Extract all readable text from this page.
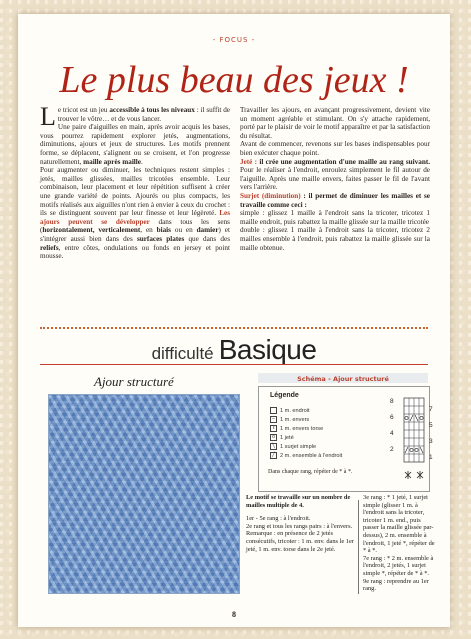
- FOCUS -
Le plus beau des jeux !

Le tricot est un jeu accessible à tous les niveaux : il suffit de trouver le vôtre… et de vous lancer.

Une paire d'aiguilles en main, après avoir acquis les bases, vous pourrez rapidement explorer jetés, augmentations, diminutions, ajours et jeux de structures. Les motifs prennent forme, se déplacent, s'alignent ou se croisent, et l'on progresse naturellement, maille après maille.

Pour augmenter ou diminuer, les techniques restent simples : jetés, mailles glissées, mailles tricotées ensemble. Leur combinaison, leur placement et leur répétition suffisent à créer une grande variété de points. Ajourés ou plus compacts, les motifs réalisés aux aiguilles n'ont rien à envier à ceux du crochet : ils se distinguent souvent par leur finesse et leur légèreté. Les ajours peuvent se développer dans tous les sens (horizontalement, verticalement, en biais ou en damier) et s'intégrer aussi bien dans des surfaces plates que dans des reliefs, entre côtes, ondulations ou fonds en jersey et point mousse.

Travailler les ajours, en avançant progressivement, devient vite un moment agréable et stimulant. On s'y attache rapidement, porté par le plaisir de voir le motif apparaître et par la satisfaction du résultat.

Avant de commencer, revenons sur les bases indispensables pour bien exécuter chaque point.

Jeté : il crée une augmentation d'une maille au rang suivant. Pour le réaliser à l'endroit, enroulez simplement le fil autour de l'aiguille. Après une maille envers, faites passer le fil de l'avant vers l'arrière.

Surjet (diminution) : il permet de diminuer les mailles et se travaille comme ceci :

simple : glissez 1 maille à l'endroit sans la tricoter, tricotez 1 maille endroit, puis rabattez la maille glissée sur la maille tricotée

double : glissez 1 maille à l'endroit sans la tricoter, tricotez 2 mailles ensemble à l'endroit, puis rabattez la maille glissée sur la maille obtenue.

difficulté Basique
Ajour structuré	Schéma - Ajour structuré
Légende
1 m. endroit
– 1 m. envers
ℓ 1 m. envers torse
o 1 jeté
╲ 1 surjet simple
╱ 2 m. ensemble à l'endroit
Dans chaque rang, répéter de * à *.
8
6
4
2
7
5
3
1

Le motif se travaille sur un nombre de mailles multiple de 4.

1er - 5e rang : à l'endroit.

2e rang et tous les rangs pairs : à l'envers.

Remarque : en présence de 2 jetés consécutifs, tricoter : 1 m. env. dans le 1er jeté, 1 m. env. torse dans le 2e jeté.

3e rang : * 1 jeté, 1 surjet simple (glisser 1 m. à l'endroit sans la tricoter, tricoter 1 m. end., puis passer la maille glissée par-dessus), 2 m. ensemble à l'endroit, 1 jeté *, répéter de * à *.

7e rang : * 2 m. ensemble à l'endroit, 2 jetés, 1 surjet simple *, répéter de * à *.

9e rang : reprendre au 1er rang.

8
